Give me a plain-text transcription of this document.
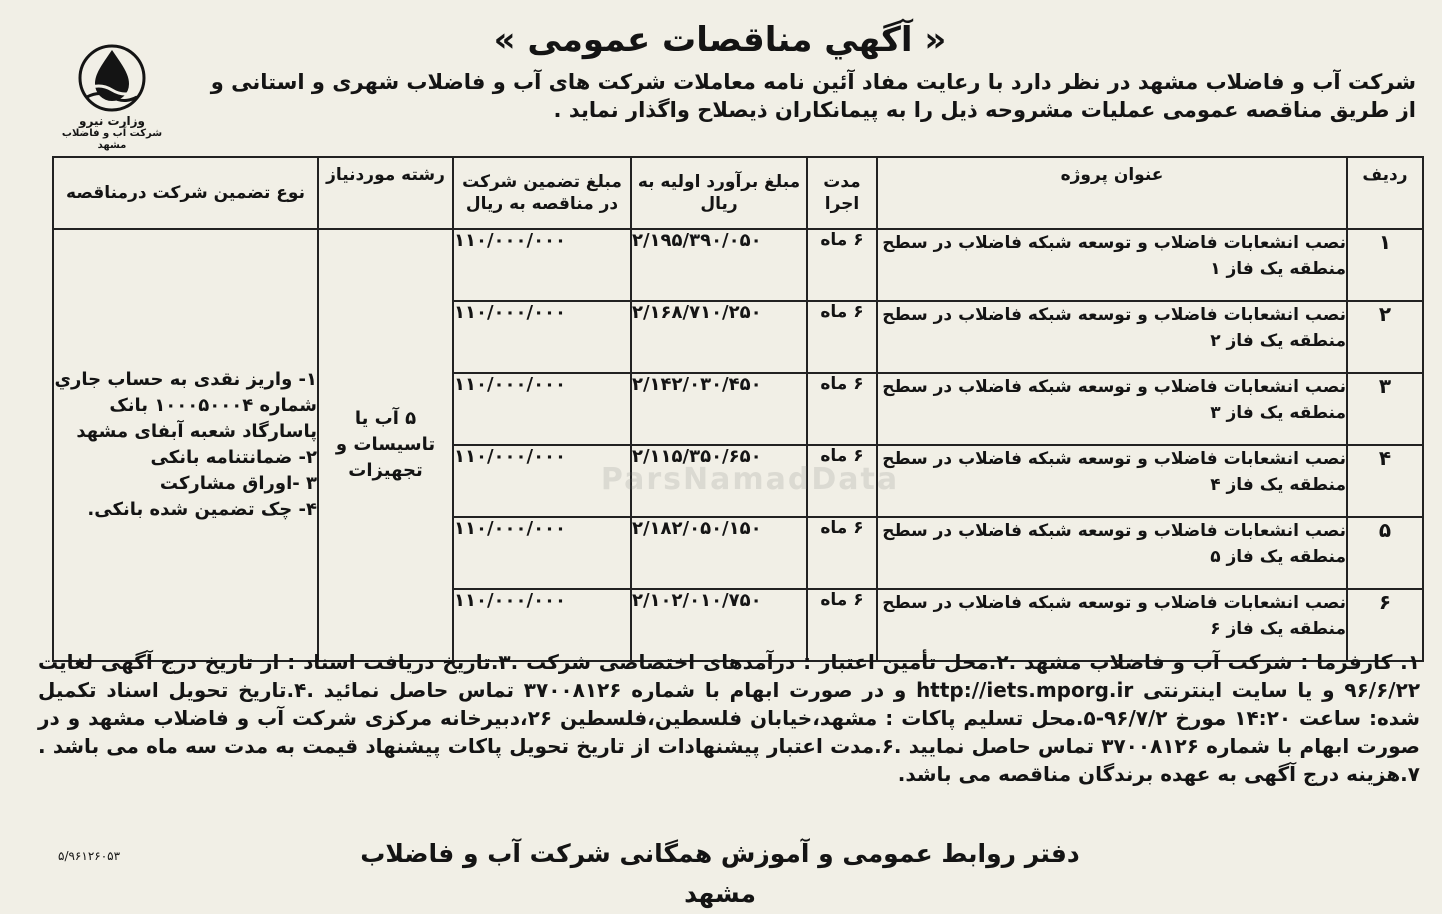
« آگهي مناقصات عمومی »
وزارت نیرو
شرکت آب و فاضلاب مشهد

شرکت آب و فاضلاب مشهد در نظر دارد با رعایت مفاد آئین نامه معاملات شرکت های آب و فاضلاب شهری و استانی و

از طریق مناقصه عمومی عملیات مشروحه ذیل را به پیمانکاران ذیصلاح واگذار نماید .

ردیف	عنوان پروژه	مدت اجرا	مبلغ برآورد اولیه به ریال	مبلغ تضمین شرکت در مناقصه به ریال	رشته موردنیاز	نوع تضمین شرکت درمناقصه
۱	نصب انشعابات فاضلاب و توسعه شبکه فاضلاب در سطح منطقه یک فاز ۱	۶ ماه	۲/۱۹۵/۳۹۰/۰۵۰	۱۱۰/۰۰۰/۰۰۰	۵ آب یا تاسیسات و تجهیزات	۱- واریز نقدی به حساب جاري شماره ۱۰۰۰۵۰۰۰۴ بانک پاسارگاد شعبه آبفای مشهد
۲- ضمانتنامه بانکی
۳ -اوراق مشارکت
۴- چک تضمین شده بانکی.

۲	نصب انشعابات فاضلاب و توسعه شبکه فاضلاب در سطح منطقه یک فاز ۲	۶ ماه	۲/۱۶۸/۷۱۰/۲۵۰	۱۱۰/۰۰۰/۰۰۰		

۳	نصب انشعابات فاضلاب و توسعه شبکه فاضلاب در سطح منطقه یک فاز ۳	۶ ماه	۲/۱۴۲/۰۳۰/۴۵۰	۱۱۰/۰۰۰/۰۰۰		

۴	نصب انشعابات فاضلاب و توسعه شبکه فاضلاب در سطح منطقه یک فاز ۴	۶ ماه	۲/۱۱۵/۳۵۰/۶۵۰	۱۱۰/۰۰۰/۰۰۰		

۵	نصب انشعابات فاضلاب و توسعه شبکه فاضلاب در سطح منطقه یک فاز ۵	۶ ماه	۲/۱۸۲/۰۵۰/۱۵۰	۱۱۰/۰۰۰/۰۰۰		

۶	نصب انشعابات فاضلاب و توسعه شبکه فاضلاب در سطح منطقه یک فاز ۶	۶ ماه	۲/۱۰۲/۰۱۰/۷۵۰	۱۱۰/۰۰۰/۰۰۰		
ParsNamadData

۱. کارفرما : شرکت آب و فاضلاب مشهد .۲.محل تأمین اعتبار : درآمدهای اختصاصی شرکت .۳.تاریخ دریافت اسناد : از تاریخ درج آگهی لغایت ۹۶/۶/۲۲ و یا سایت اینترنتی http://iets.mporg.ir و در صورت ابهام با شماره ۳۷۰۰۸۱۲۶ تماس حاصل نمائید .۴.تاریخ تحویل اسناد تکمیل شده: ساعت ۱۴:۲۰ مورخ ۹۶/۷/۲-۵.محل تسلیم پاکات : مشهد،خیابان فلسطین،فلسطین ۲۶،دبیرخانه مرکزی شرکت آب و فاضلاب مشهد و در صورت ابهام با شماره ۳۷۰۰۸۱۲۶ تماس حاصل نمایید .۶.مدت اعتبار پیشنهادات از تاریخ تحویل پاکات پیشنهاد قیمت به مدت سه ماه می باشد . ۷.هزینه درج آگهی به عهده برندگان مناقصه می باشد.

۵/۹۶۱۲۶۰۵۳	دفتر روابط عمومی و آموزش همگانی شرکت آب و فاضلاب مشهد
